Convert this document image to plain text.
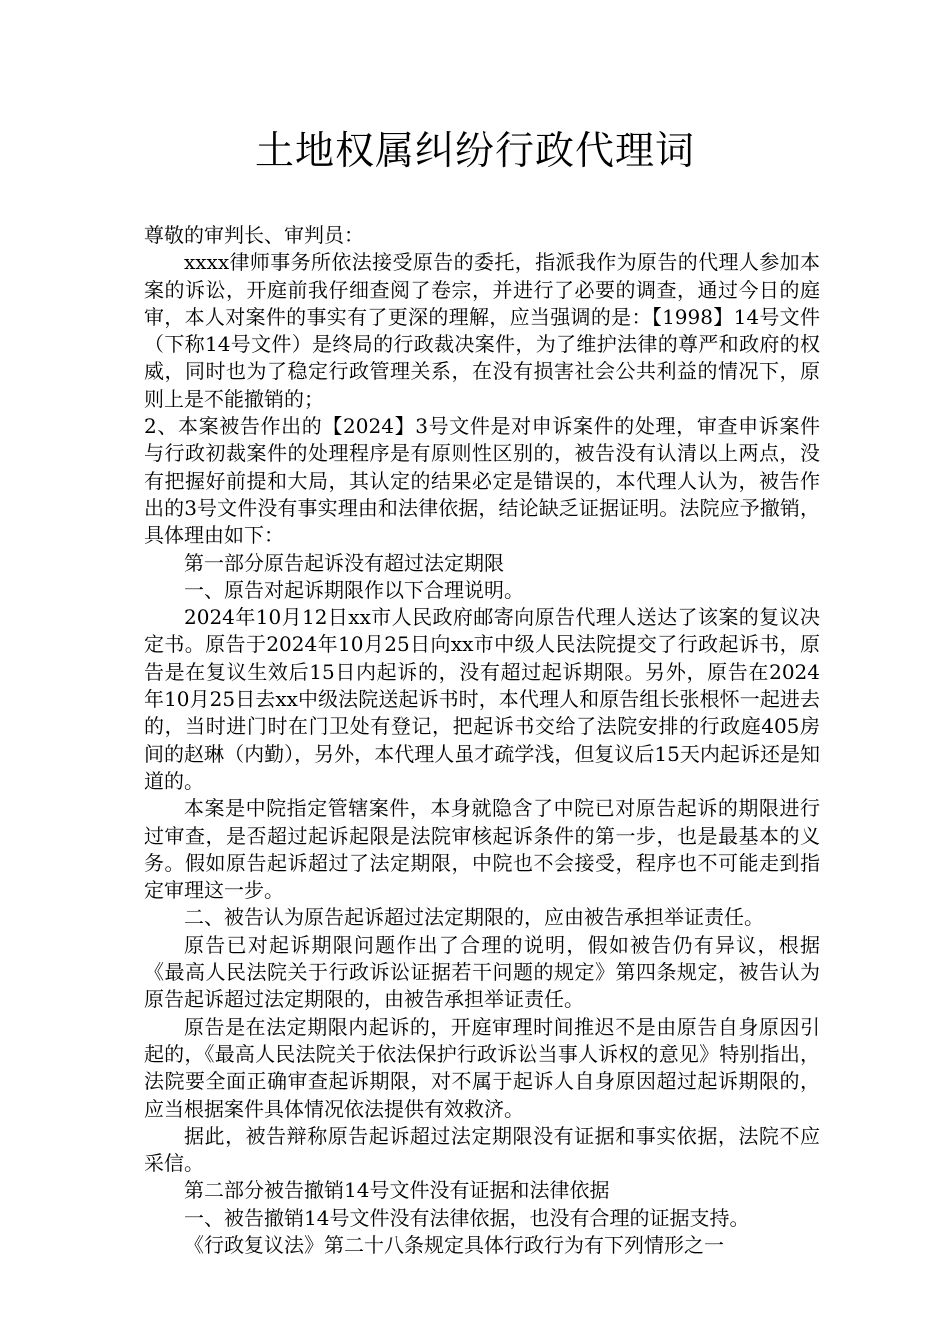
土地权属纠纷行政代理词

尊敬的审判长、审判员：

xxxx律师事务所依法接受原告的委托，指派我作为原告的代理人参加本案的诉讼，开庭前我仔细查阅了卷宗，并进行了必要的调查，通过今日的庭审，本人对案件的事实有了更深的理解，应当强调的是：【1998】14号文件（下称14号文件）是终局的行政裁决案件，为了维护法律的尊严和政府的权威，同时也为了稳定行政管理关系，在没有损害社会公共利益的情况下，原则上是不能撤销的；

2、本案被告作出的【2024】3号文件是对申诉案件的处理，审查申诉案件与行政初裁案件的处理程序是有原则性区别的，被告没有认清以上两点，没有把握好前提和大局，其认定的结果必定是错误的，本代理人认为，被告作出的3号文件没有事实理由和法律依据，结论缺乏证据证明。法院应予撤销，具体理由如下：

第一部分原告起诉没有超过法定期限

一、原告对起诉期限作以下合理说明。

2024年10月12日xx市人民政府邮寄向原告代理人送达了该案的复议决定书。原告于2024年10月25日向xx市中级人民法院提交了行政起诉书，原告是在复议生效后15日内起诉的，没有超过起诉期限。另外，原告在2024年10月25日去xx中级法院送起诉书时，本代理人和原告组长张根怀一起进去的，当时进门时在门卫处有登记，把起诉书交给了法院安排的行政庭405房间的赵琳（内勤），另外，本代理人虽才疏学浅，但复议后15天内起诉还是知道的。

本案是中院指定管辖案件，本身就隐含了中院已对原告起诉的期限进行过审查，是否超过起诉起限是法院审核起诉条件的第一步，也是最基本的义务。假如原告起诉超过了法定期限，中院也不会接受，程序也不可能走到指定审理这一步。

二、被告认为原告起诉超过法定期限的，应由被告承担举证责任。

原告已对起诉期限问题作出了合理的说明，假如被告仍有异议，根据《最高人民法院关于行政诉讼证据若干问题的规定》第四条规定，被告认为原告起诉超过法定期限的，由被告承担举证责任。

原告是在法定期限内起诉的，开庭审理时间推迟不是由原告自身原因引起的，《最高人民法院关于依法保护行政诉讼当事人诉权的意见》特别指出，法院要全面正确审查起诉期限，对不属于起诉人自身原因超过起诉期限的，应当根据案件具体情况依法提供有效救济。

据此，被告辩称原告起诉超过法定期限没有证据和事实依据，法院不应采信。

第二部分被告撤销14号文件没有证据和法律依据

一、被告撤销14号文件没有法律依据，也没有合理的证据支持。

《行政复议法》第二十八条规定具体行政行为有下列情形之一
